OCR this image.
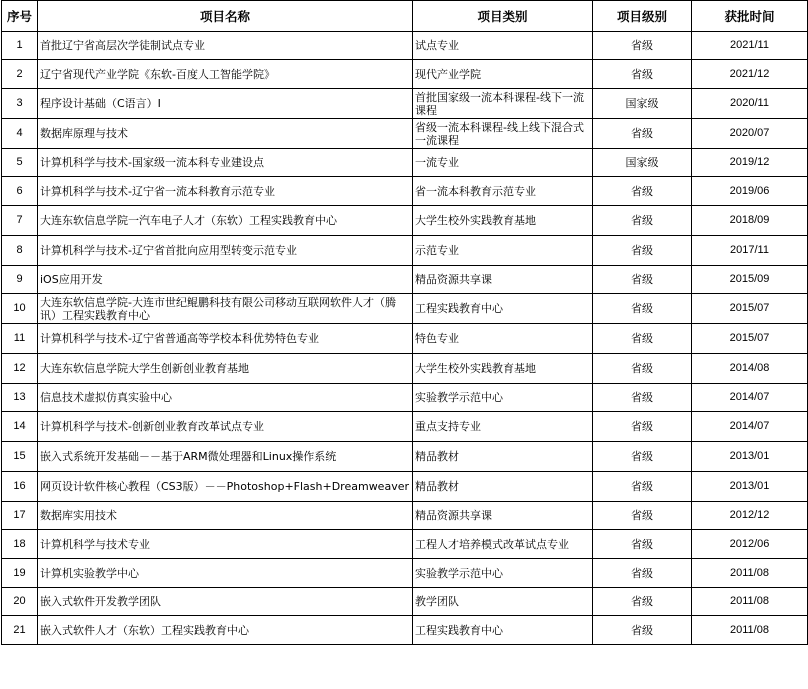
序号	项目名称	项目类别	项目级别	获批时间
1	首批辽宁省高层次学徒制试点专业	试点专业	省级	2021/11
2	辽宁省现代产业学院《东软-百度人工智能学院》	现代产业学院	省级	2021/12
3	程序设计基础（C语言）I	首批国家级一流本科课程-线下一流课程	国家级	2020/11
4	数据库原理与技术	省级一流本科课程-线上线下混合式一流课程	省级	2020/07
5	计算机科学与技术-国家级一流本科专业建设点	一流专业	国家级	2019/12
6	计算机科学与技术-辽宁省一流本科教育示范专业	省一流本科教育示范专业	省级	2019/06
7	大连东软信息学院一汽车电子人才（东软）工程实践教育中心	大学生校外实践教育基地	省级	2018/09
8	计算机科学与技术-辽宁省首批向应用型转变示范专业	示范专业	省级	2017/11
9	iOS应用开发	精品资源共享课	省级	2015/09
10	大连东软信息学院-大连市世纪鲲鹏科技有限公司移动互联网软件人才（腾讯）工程实践教育中心	工程实践教育中心	省级	2015/07
11	计算机科学与技术-辽宁省普通高等学校本科优势特色专业	特色专业	省级	2015/07
12	大连东软信息学院大学生创新创业教育基地	大学生校外实践教育基地	省级	2014/08
13	信息技术虚拟仿真实验中心	实验教学示范中心	省级	2014/07
14	计算机科学与技术-创新创业教育改革试点专业	重点支持专业	省级	2014/07
15	嵌入式系统开发基础－－基于ARM微处理器和Linux操作系统	精品教材	省级	2013/01
16	网页设计软件核心教程（CS3版）－－Photoshop+Flash+Dreamweaver	精品教材	省级	2013/01
17	数据库实用技术	精品资源共享课	省级	2012/12
18	计算机科学与技术专业	工程人才培养模式改革试点专业	省级	2012/06
19	计算机实验教学中心	实验教学示范中心	省级	2011/08
20	嵌入式软件开发教学团队	教学团队	省级	2011/08
21	嵌入式软件人才（东软）工程实践教育中心	工程实践教育中心	省级	2011/08
